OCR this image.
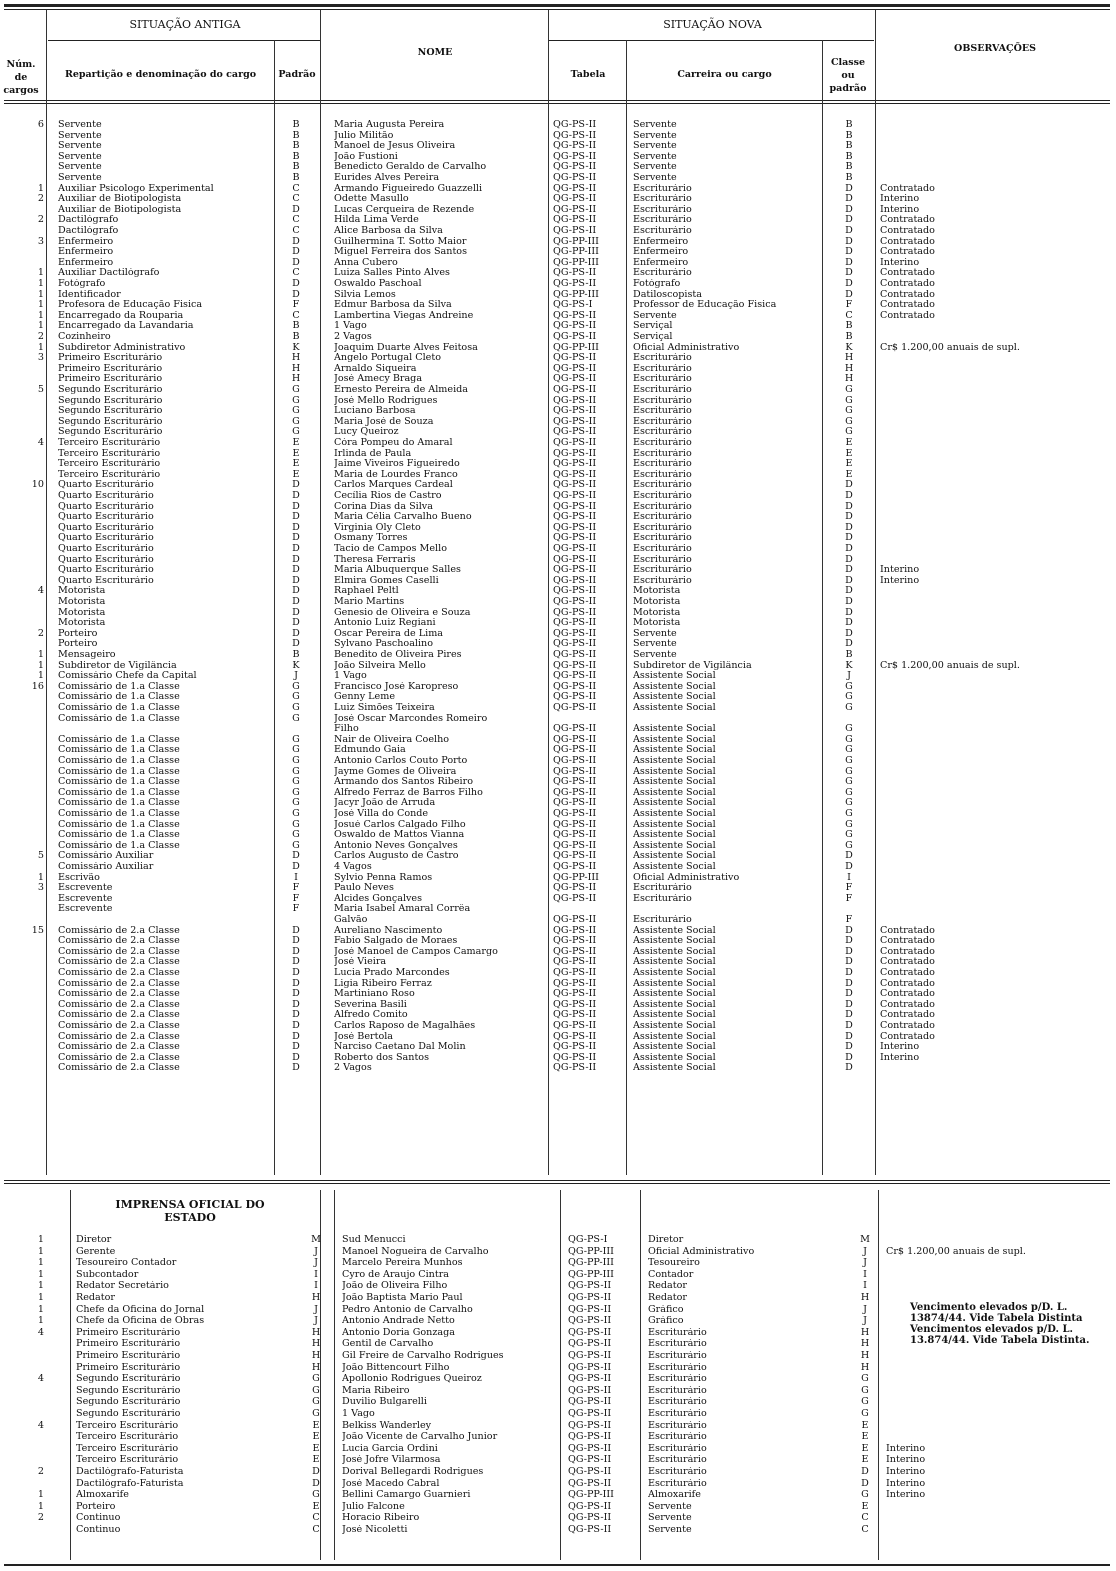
SITUAÇÃO ANTIGA	SITUAÇÃO NOVA
OBSERVAÇÕES
NOME
Núm. de cargos
Repartição e denominação do cargo	Padrão	Tabela	Carreira ou cargo
Classe ou padrão
IMPRENSA OFICIAL DO
ESTADO
Vencimento elevados p/D. L. 13874/44. Vide Tabela Distinta Vencimentos elevados p/D. L. 13.874/44. Vide Tabela Distinta.
6 Servente	B	Maria Augusta Pereira	QG-PS-II	Servente	B
Servente	B	Julio Militão	QG-PS-II	Servente	B
Servente	B	Manoel de Jesus Oliveira	QG-PS-II	Servente	B
Servente	B	João Fustioni	QG-PS-II	Servente	B
Servente	B	Benedicto Geraldo de Carvalho	QG-PS-II	Servente	B
Servente	B	Eurides Alves Pereira	QG-PS-II	Servente	B
1 Auxiliar Psicologo Experimental	C	Armando Figueiredo Guazzelli	QG-PS-II	Escriturário	D	Contratado
2 Auxiliar de Biotipologista	C	Odette Masullo	QG-PS-II	Escriturário	D	Interino
Auxiliar de Biotipologista	D	Lucas Cerqueira de Rezende	QG-PS-II	Escriturário	D	Interino
2 Dactilógrafo	C	Hilda Lima Verde	QG-PS-II	Escriturário	D	Contratado
Dactilógrafo	C	Alice Barbosa da Silva	QG-PS-II	Escriturário	D	Contratado
3 Enfermeiro	D	Guilhermina T. Sotto Maior	QG-PP-III	Enfermeiro	D	Contratado
Enfermeiro	D	Miguel Ferreira dos Santos	QG-PP-III	Enfermeiro	D	Contratado
Enfermeiro	D	Anna Cubero	QG-PP-III	Enfermeiro	D	Interino
1 Auxiliar Dactilógrafo	C	Luiza Salles Pinto Alves	QG-PS-II	Escriturário	D	Contratado
1 Fotógrafo	D	Oswaldo Paschoal	QG-PS-II	Fotógrafo	D	Contratado
1 Identificador	D	Silvia Lemos	QG-PP-III	Datiloscopista	D	Contratado
1 Profesora de Educação Fisica	F	Edmur Barbosa da Silva	QG-PS-I	Professor de Educação Fisica	F	Contratado
1 Encarregado da Rouparia	C	Lambertina Viegas Andreine	QG-PS-II	Servente	C	Contratado
1 Encarregado da Lavandaria	B	1 Vago	QG-PS-II	Serviçal	B
2 Cozinheiro	B	2 Vagos	QG-PS-II	Serviçal	B
1 Subdiretor Administrativo	K	Joaquim Duarte Alves Feitosa	QG-PP-III	Oficial Administrativo	K	Cr$ 1.200,00 anuais de supl.
3 Primeiro Escriturário	H	Angelo Portugal Cleto	QG-PS-II	Escriturário	H
Primeiro Escriturário	H	Arnaldo Siqueira	QG-PS-II	Escriturário	H
Primeiro Escriturário	H	José Amecy Braga	QG-PS-II	Escriturário	H
5 Segundo Escriturário	G	Ernesto Pereira de Almeida	QG-PS-II	Escriturário	G
Segundo Escriturário	G	José Mello Rodrigues	QG-PS-II	Escriturário	G
Segundo Escriturário	G	Luciano Barbosa	QG-PS-II	Escriturário	G
Segundo Escriturário	G	Maria José de Souza	QG-PS-II	Escriturário	G
Segundo Escriturário	G	Lucy Queiroz	QG-PS-II	Escriturário	G
4 Terceiro Escriturário	E	Córa Pompeu do Amaral	QG-PS-II	Escriturário	E
Terceiro Escriturário	E	Irlinda de Paula	QG-PS-II	Escriturário	E
Terceiro Escriturário	E	Jaime Viveiros Figueiredo	QG-PS-II	Escriturário	E
Terceiro Escriturário	E	Maria de Lourdes Franco	QG-PS-II	Escriturário	E
10 Quarto Escriturário	D	Carlos Marques Cardeal	QG-PS-II	Escriturário	D
Quarto Escriturário	D	Cecília Rios de Castro	QG-PS-II	Escriturário	D
Quarto Escriturário	D	Corina Dias da Silva	QG-PS-II	Escriturário	D
Quarto Escriturário	D	Maria Célia Carvalho Bueno	QG-PS-II	Escriturário	D
Quarto Escriturário	D	Virginia Oly Cleto	QG-PS-II	Escriturário	D
Quarto Escriturário	D	Osmany Torres	QG-PS-II	Escriturário	D
Quarto Escriturário	D	Tacio de Campos Mello	QG-PS-II	Escriturário	D
Quarto Escriturário	D	Theresa Ferraris	QG-PS-II	Escriturário	D
Quarto Escriturário	D	Maria Albuquerque Salles	QG-PS-II	Escriturário	D	Interino
Quarto Escriturário	D	Elmira Gomes Caselli	QG-PS-II	Escriturário	D	Interino
4 Motorista	D	Raphael Peltl	QG-PS-II	Motorista	D
Motorista	D	Mario Martins	QG-PS-II	Motorista	D
Motorista	D	Genesio de Oliveira e Souza	QG-PS-II	Motorista	D
Motorista	D	Antonio Luiz Regiani	QG-PS-II	Motorista	D
2 Porteiro	D	Oscar Pereira de Lima	QG-PS-II	Servente	D
Porteiro	D	Sylvano Paschoalino	QG-PS-II	Servente	D
1 Mensageiro	B	Benedito de Oliveira Pires	QG-PS-II	Servente	B
1 Subdiretor de Vigilância	K	João Silveira Mello	QG-PS-II	Subdiretor de Vigilância	K	Cr$ 1.200,00 anuais de supl.
1 Comissário Chefe da Capital	J	1 Vago	QG-PS-II	Assistente Social	J
16 Comissário de 1.a Classe	G	Francisco José Karopreso	QG-PS-II	Assistente Social	G
Comissário de 1.a Classe	G	Genny Leme	QG-PS-II	Assistente Social	G
Comissário de 1.a Classe	G	Luiz Simões Teixeira	QG-PS-II	Assistente Social	G
Comissário de 1.a Classe	G	José Oscar Marcondes Romeiro
Filho	QG-PS-II	Assistente Social	G
Comissário de 1.a Classe	G	Nair de Oliveira Coelho	QG-PS-II	Assistente Social	G
Comissário de 1.a Classe	G	Edmundo Gaia	QG-PS-II	Assistente Social	G
Comissário de 1.a Classe	G	Antonio Carlos Couto Porto	QG-PS-II	Assistente Social	G
Comissário de 1.a Classe	G	Jayme Gomes de Oliveira	QG-PS-II	Assistente Social	G
Comissário de 1.a Classe	G	Armando dos Santos Ribeiro	QG-PS-II	Assistente Social	G
Comissário de 1.a Classe	G	Alfredo Ferraz de Barros Filho	QG-PS-II	Assistente Social	G
Comissário de 1.a Classe	G	Jacyr João de Arruda	QG-PS-II	Assistente Social	G
Comissário de 1.a Classe	G	José Villa do Conde	QG-PS-II	Assistente Social	G
Comissário de 1.a Classe	G	Josué Carlos Calgado Filho	QG-PS-II	Assistente Social	G
Comissário de 1.a Classe	G	Oswaldo de Mattos Vianna	QG-PS-II	Assistente Social	G
Comissário de 1.a Classe	G	Antonio Neves Gonçalves	QG-PS-II	Assistente Social	G
5 Comissário Auxiliar	D	Carlos Augusto de Castro	QG-PS-II	Assistente Social	D
Comissário Auxiliar	D	4 Vagos	QG-PS-II	Assistente Social	D
1 Escrivão	I	Sylvio Penna Ramos	QG-PP-III	Oficial Administrativo	I
3 Escrevente	F	Paulo Neves	QG-PS-II	Escriturário	F
Escrevente	F	Alcides Gonçalves	QG-PS-II	Escriturário	F
Escrevente	F	Maria Isabel Amaral Corrêa
Galvão	QG-PS-II	Escriturário	F
15 Comissário de 2.a Classe	D	Aureliano Nascimento	QG-PS-II	Assistente Social	D	Contratado
Comissário de 2.a Classe	D	Fabio Salgado de Moraes	QG-PS-II	Assistente Social	D	Contratado
Comissário de 2.a Classe	D	José Manoel de Campos Camargo	QG-PS-II	Assistente Social	D	Contratado
Comissário de 2.a Classe	D	José Vieira	QG-PS-II	Assistente Social	D	Contratado
Comissário de 2.a Classe	D	Lucia Prado Marcondes	QG-PS-II	Assistente Social	D	Contratado
Comissário de 2.a Classe	D	Ligia Ribeiro Ferraz	QG-PS-II	Assistente Social	D	Contratado
Comissário de 2.a Classe	D	Martiniano Roso	QG-PS-II	Assistente Social	D	Contratado
Comissário de 2.a Classe	D	Severina Basili	QG-PS-II	Assistente Social	D	Contratado
Comissário de 2.a Classe	D	Alfredo Comito	QG-PS-II	Assistente Social	D	Contratado
Comissário de 2.a Classe	D	Carlos Raposo de Magalhães	QG-PS-II	Assistente Social	D	Contratado
Comissário de 2.a Classe	D	José Bertola	QG-PS-II	Assistente Social	D	Contratado
Comissário de 2.a Classe	D	Narciso Caetano Dal Molin	QG-PS-II	Assistente Social	D	Interino
Comissário de 2.a Classe	D	Roberto dos Santos	QG-PS-II	Assistente Social	D	Interino
Comissário de 2.a Classe	D	2 Vagos	QG-PS-II	Assistente Social	D
1	Diretor	M	Sud Menucci	QG-PS-I	Diretor	M
1	Gerente	J	Manoel Nogueira de Carvalho	QG-PP-III	Oficial Administrativo	J	Cr$ 1.200,00 anuais de supl.
1	Tesoureiro Contador	J	Marcelo Pereira Munhos	QG-PP-III	Tesoureiro	J
1	Subcontador	I	Cyro de Araujo Cintra	QG-PP-III	Contador	I
1	Redator Secretário	I	João de Oliveira Filho	QG-PS-II	Redator	I
1	Redator	H	João Baptista Mario Paul	QG-PS-II	Redator	H
1	Chefe da Oficina do Jornal	J	Pedro Antonio de Carvalho	QG-PS-II	Gráfico	J
1	Chefe da Oficina de Obras	J	Antonio Andrade Netto	QG-PS-II	Gráfico	J
4	Primeiro Escriturário	H	Antonio Doria Gonzaga	QG-PS-II	Escriturário	H
Primeiro Escriturário	H	Gentil de Carvalho	QG-PS-II	Escriturário	H
Primeiro Escriturário	H	Gil Freire de Carvalho Rodrigues	QG-PS-II	Escriturário	H
Primeiro Escriturário	H	João Bittencourt Filho	QG-PS-II	Escriturário	H
4	Segundo Escriturário	G	Apollonio Rodrigues Queiroz	QG-PS-II	Escriturário	G
Segundo Escriturário	G	Maria Ribeiro	QG-PS-II	Escriturário	G
Segundo Escriturário	G	Duvilio Bulgarelli	QG-PS-II	Escriturário	G
Segundo Escriturário	G	1 Vago	QG-PS-II	Escriturário	G
4	Terceiro Escriturário	E	Belkiss Wanderley	QG-PS-II	Escriturário	E
Terceiro Escriturário	E	João Vicente de Carvalho Junior	QG-PS-II	Escriturário	E
Terceiro Escriturário	E	Lucia Garcia Ordini	QG-PS-II	Escriturário	E	Interino
Terceiro Escriturário	E	José Jofre Vilarmosa	QG-PS-II	Escriturário	E	Interino
2	Dactilógrafo-Faturista	D	Dorival Bellegardi Rodrigues	QG-PS-II	Escriturário	D	Interino
Dactilógrafo-Faturista	D	José Macedo Cabral	QG-PS-II	Escriturário	D	Interino
1	Almoxarife	G	Bellini Camargo Guarnieri	QG-PP-III	Almoxarife	G	Interino
1	Porteiro	E	Julio Falcone	QG-PS-II	Servente	E
2	Continuo	C	Horacio Ribeiro	QG-PS-II	Servente	C
Continuo	C	José Nicoletti	QG-PS-II	Servente	C
